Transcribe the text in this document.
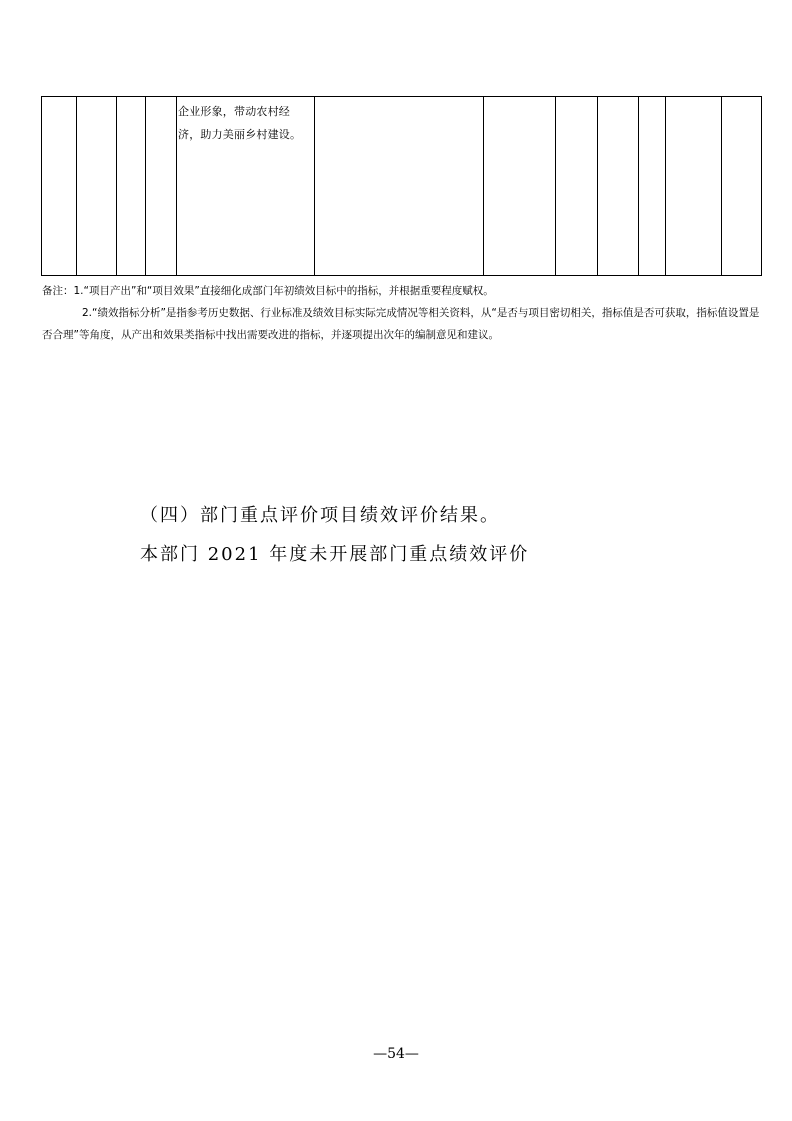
企业形象，带动农村经
济，助力美丽乡村建设。

备注：1.“项目产出”和“项目效果”直接细化成部门年初绩效目标中的指标，并根据重要程度赋权。

2.“绩效指标分析”是指参考历史数据、行业标准及绩效目标实际完成情况等相关资料，从“是否与项目密切相关，指标值是否可获取，指标值设置是否合理”等角度，从产出和效果类指标中找出需要改进的指标，并逐项提出次年的编制意见和建议。

（四）部门重点评价项目绩效评价结果。
本部门 2021 年度未开展部门重点绩效评价
—54—
